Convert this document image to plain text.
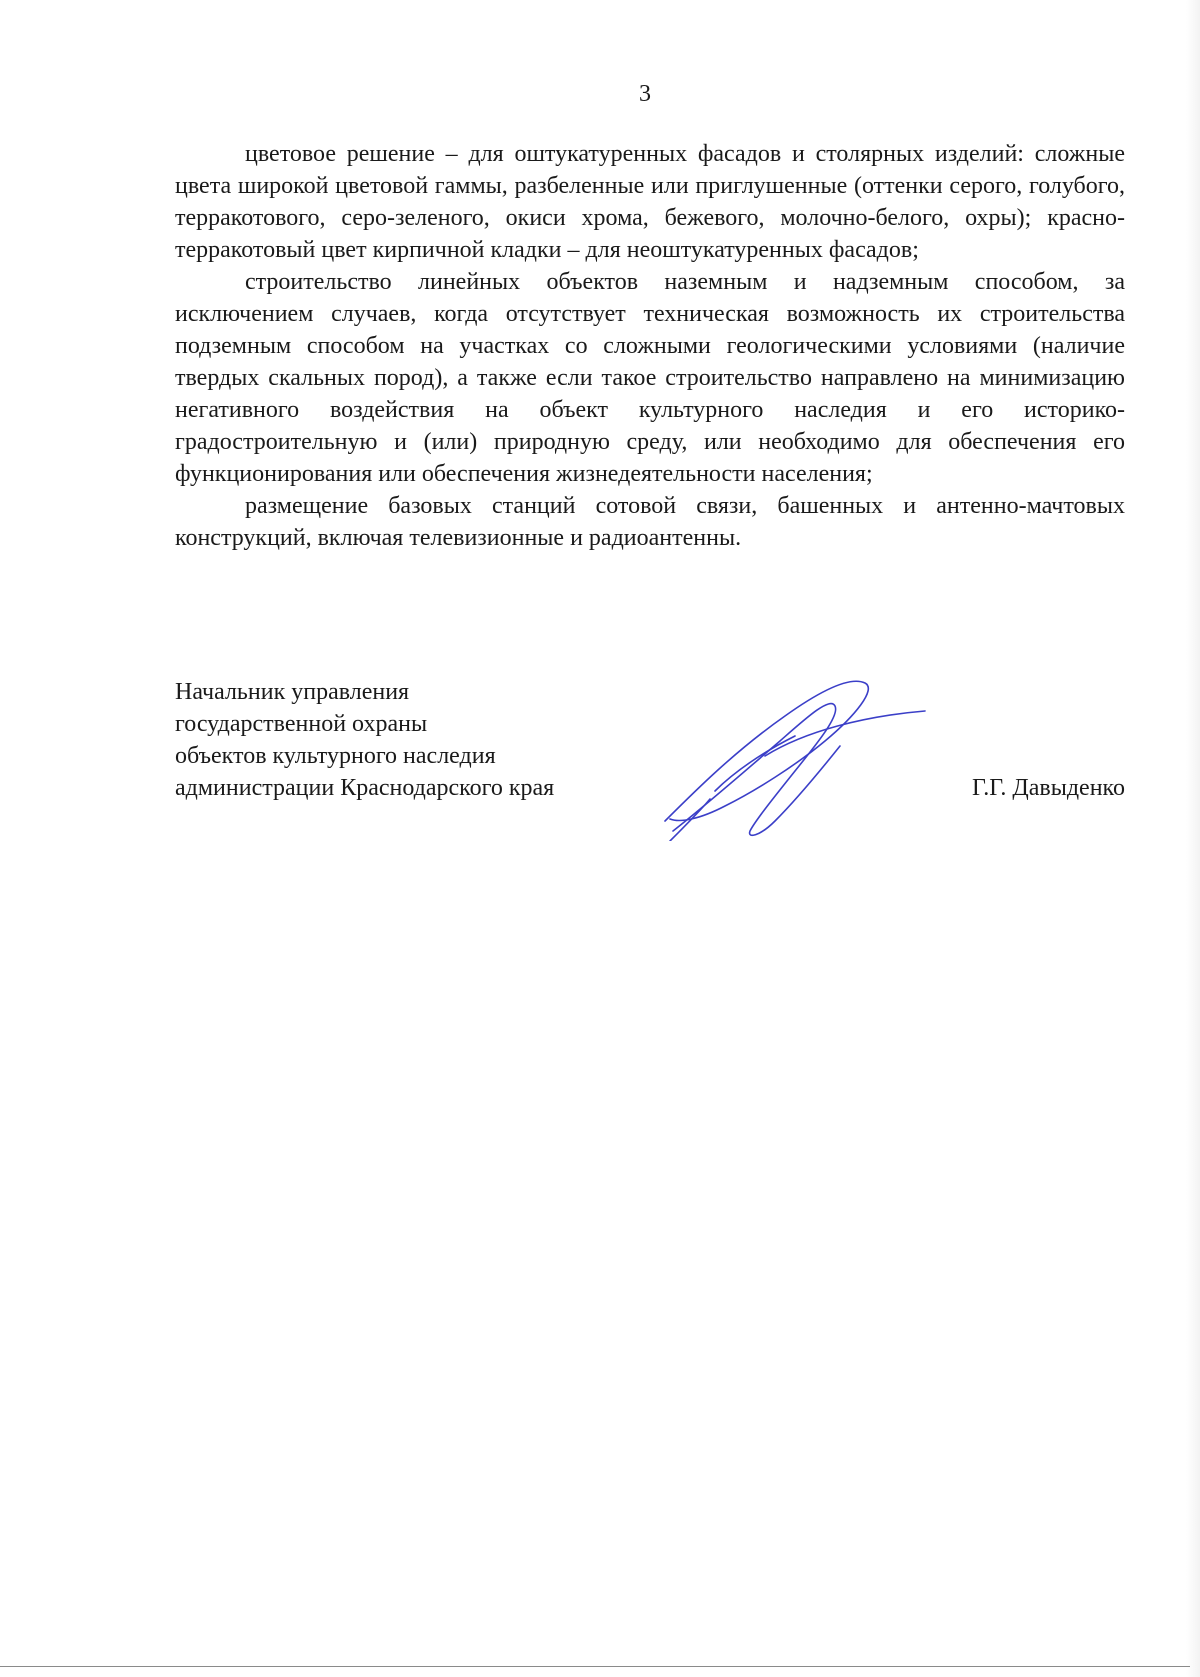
3

цветовое решение – для оштукатуренных фасадов и столярных изделий: сложные цвета широкой цветовой гаммы, разбеленные или приглушенные (оттенки серого, голубого, терракотового, серо-зеленого, окиси хрома, бежевого, молочно-белого, охры); красно-терракотовый цвет кирпичной кладки – для неоштукатуренных фасадов;

строительство линейных объектов наземным и надземным способом, за исключением случаев, когда отсутствует техническая возможность их строительства подземным способом на участках со сложными геологическими условиями (наличие твердых скальных пород), а также если такое строительство направлено на минимизацию негативного воздействия на объект культурного наследия и его историко-градостроительную и (или) природную среду, или необходимо для обеспечения его функционирования или обеспечения жизнедеятельности населения;

размещение базовых станций сотовой связи, башенных и антенно-мачтовых конструкций, включая телевизионные и радиоантенны.

Начальник управления
государственной охраны
объектов культурного наследия
администрации Краснодарского края	Г.Г. Давыденко
